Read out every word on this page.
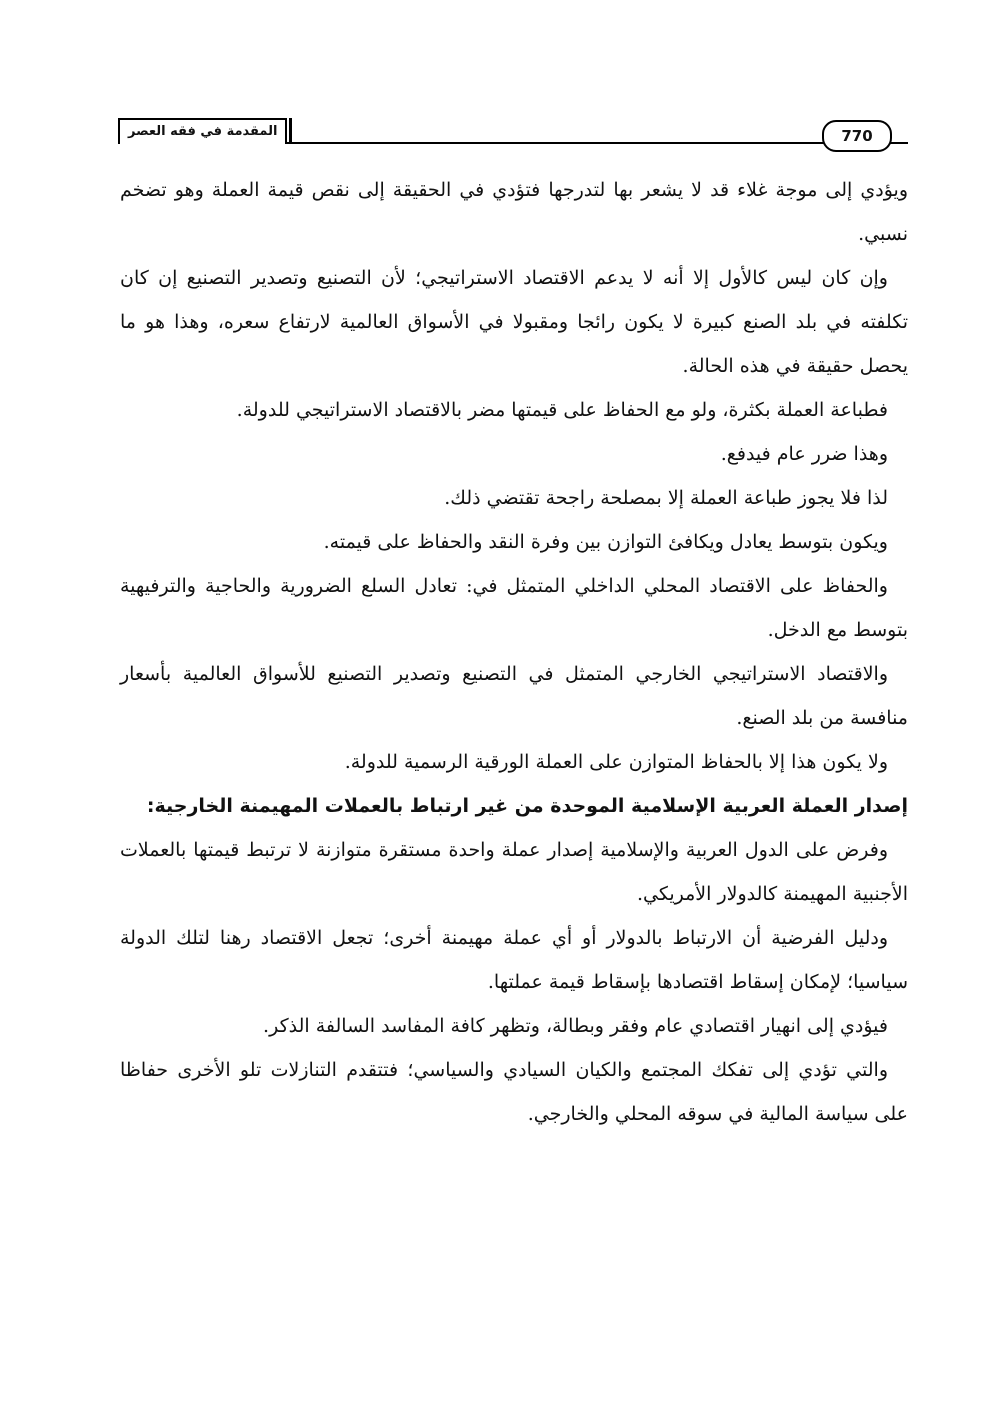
المقدمة في فقه العصر	770

ويؤدي إلى موجة غلاء قد لا يشعر بها لتدرجها فتؤدي في الحقيقة إلى نقص قيمة العملة وهو تضخم نسبي.

وإن كان ليس كالأول إلا أنه لا يدعم الاقتصاد الاستراتيجي؛ لأن التصنيع وتصدير التصنيع إن كان تكلفته في بلد الصنع كبيرة لا يكون رائجا ومقبولا في الأسواق العالمية لارتفاع سعره، وهذا هو ما يحصل حقيقة في هذه الحالة.

فطباعة العملة بكثرة، ولو مع الحفاظ على قيمتها مضر بالاقتصاد الاستراتيجي للدولة.

وهذا ضرر عام فيدفع.

لذا فلا يجوز طباعة العملة إلا بمصلحة راجحة تقتضي ذلك.

ويكون بتوسط يعادل ويكافئ التوازن بين وفرة النقد والحفاظ على قيمته.

والحفاظ على الاقتصاد المحلي الداخلي المتمثل في: تعادل السلع الضرورية والحاجية والترفيهية بتوسط مع الدخل.

والاقتصاد الاستراتيجي الخارجي المتمثل في التصنيع وتصدير التصنيع للأسواق العالمية بأسعار منافسة من بلد الصنع.

ولا يكون هذا إلا بالحفاظ المتوازن على العملة الورقية الرسمية للدولة.

إصدار العملة العربية الإسلامية الموحدة من غير ارتباط بالعملات المهيمنة الخارجية:

وفرض على الدول العربية والإسلامية إصدار عملة واحدة مستقرة متوازنة لا ترتبط قيمتها بالعملات الأجنبية المهيمنة كالدولار الأمريكي.

ودليل الفرضية أن الارتباط بالدولار أو أي عملة مهيمنة أخرى؛ تجعل الاقتصاد رهنا لتلك الدولة سياسيا؛ لإمكان إسقاط اقتصادها بإسقاط قيمة عملتها.

فيؤدي إلى انهيار اقتصادي عام وفقر وبطالة، وتظهر كافة المفاسد السالفة الذكر.

والتي تؤدي إلى تفكك المجتمع والكيان السيادي والسياسي؛ فتتقدم التنازلات تلو الأخرى حفاظا على سياسة المالية في سوقه المحلي والخارجي.
